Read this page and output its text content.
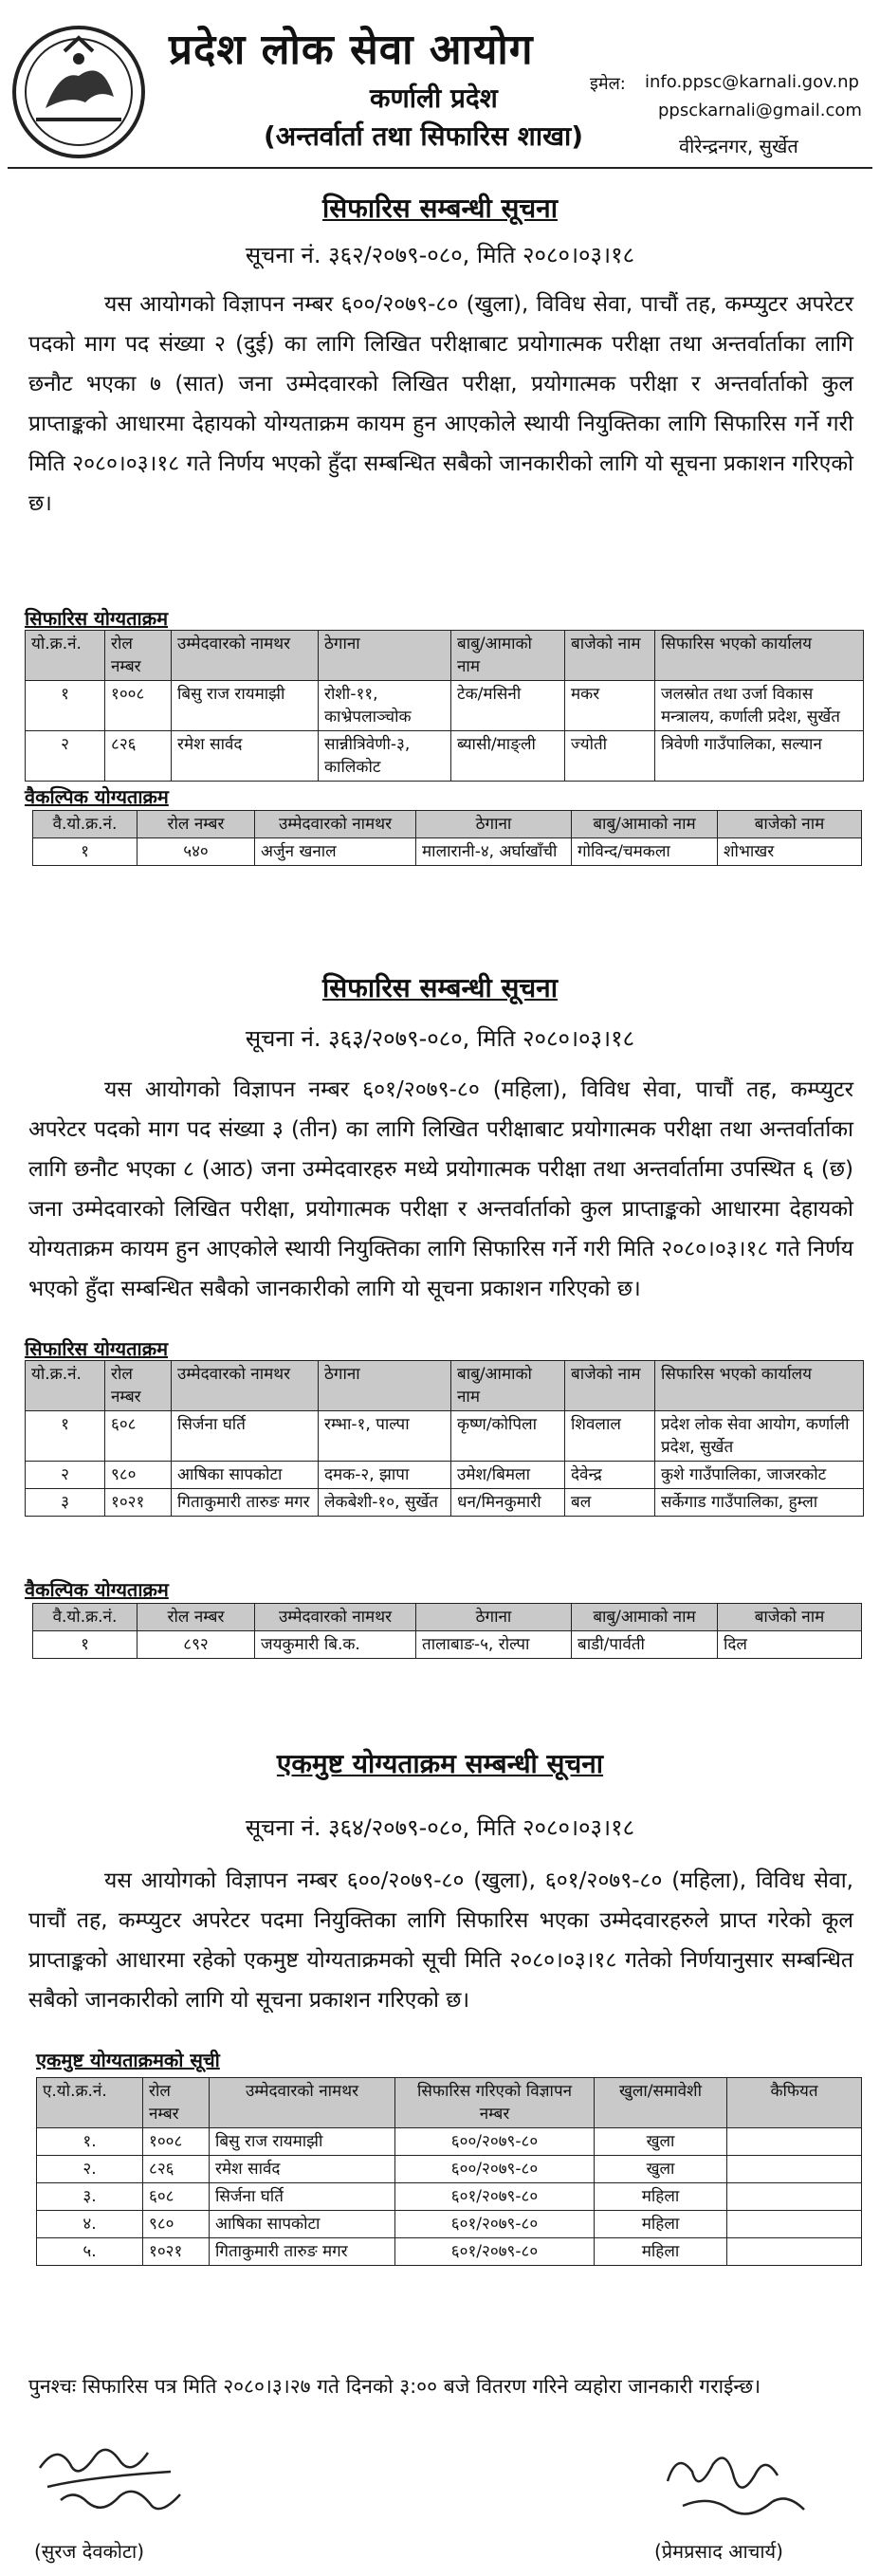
प्रदेश लोक सेवा आयोग
कर्णाली प्रदेश
(अन्तर्वार्ता तथा सिफारिस शाखा)
इमेल: info.ppsc@karnali.gov.np
ppsckarnali@gmail.com
वीरेन्द्रनगर, सुर्खेत
सिफारिस सम्बन्धी सूचना
सूचना नं. ३६२/२०७९-०८०, मिति २०८०।०३।१८
यस आयोगको विज्ञापन नम्बर ६००/२०७९-८० (खुला), विविध सेवा, पाचौं तह, कम्प्युटर अपरेटर पदको माग पद संख्या २ (दुई) का लागि लिखित परीक्षाबाट प्रयोगात्मक परीक्षा तथा अन्तर्वार्ताका लागि छनौट भएका ७ (सात) जना उम्मेदवारको लिखित परीक्षा, प्रयोगात्मक परीक्षा र अन्तर्वार्ताको कुल प्राप्ताङ्कको आधारमा देहायको योग्यताक्रम कायम हुन आएकोले स्थायी नियुक्तिका लागि सिफारिस गर्ने गरी मिति २०८०।०३।१८ गते निर्णय भएको हुँदा सम्बन्धित सबैको जानकारीको लागि यो सूचना प्रकाशन गरिएको छ।
सिफारिस योग्यताक्रम
यो.क्र.नं.	रोल नम्बर	उम्मेदवारको नामथर	ठेगाना	बाबु/आमाको नाम	बाजेको नाम	सिफारिस भएको कार्यालय
१	१००८	बिसु राज रायमाझी	रोशी-११, काभ्रेपलाञ्चोक	टेक/मसिनी	मकर	जलस्रोत तथा उर्जा विकास मन्त्रालय, कर्णाली प्रदेश, सुर्खेत
२	८२६	रमेश सार्वद	सान्नीत्रिवेणी-३, कालिकोट	ब्यासी/माङ्ली	ज्योती	त्रिवेणी गाउँपालिका, सल्यान
वैकल्पिक योग्यताक्रम
वै.यो.क्र.नं.	रोल नम्बर	उम्मेदवारको नामथर	ठेगाना	बाबु/आमाको नाम	बाजेको नाम
१	५४०	अर्जुन खनाल	मालारानी-४, अर्घाखाँची	गोविन्द/चमकला	शोभाखर
सिफारिस सम्बन्धी सूचना
सूचना नं. ३६३/२०७९-०८०, मिति २०८०।०३।१८
यस आयोगको विज्ञापन नम्बर ६०१/२०७९-८० (महिला), विविध सेवा, पाचौं तह, कम्प्युटर अपरेटर पदको माग पद संख्या ३ (तीन) का लागि लिखित परीक्षाबाट प्रयोगात्मक परीक्षा तथा अन्तर्वार्ताका लागि छनौट भएका ८ (आठ) जना उम्मेदवारहरु मध्ये प्रयोगात्मक परीक्षा तथा अन्तर्वार्तामा उपस्थित ६ (छ) जना उम्मेदवारको लिखित परीक्षा, प्रयोगात्मक परीक्षा र अन्तर्वार्ताको कुल प्राप्ताङ्कको आधारमा देहायको योग्यताक्रम कायम हुन आएकोले स्थायी नियुक्तिका लागि सिफारिस गर्ने गरी मिति २०८०।०३।१८ गते निर्णय भएको हुँदा सम्बन्धित सबैको जानकारीको लागि यो सूचना प्रकाशन गरिएको छ।
सिफारिस योग्यताक्रम
यो.क्र.नं.	रोल नम्बर	उम्मेदवारको नामथर	ठेगाना	बाबु/आमाको नाम	बाजेको नाम	सिफारिस भएको कार्यालय
१	६०८	सिर्जना घर्ति	रम्भा-१, पाल्पा	कृष्ण/कोपिला	शिवलाल	प्रदेश लोक सेवा आयोग, कर्णाली प्रदेश, सुर्खेत
२	९८०	आषिका सापकोटा	दमक-२, झापा	उमेश/बिमला	देवेन्द्र	कुशे गाउँपालिका, जाजरकोट
३	१०२१	गिताकुमारी तारुङ मगर	लेकबेशी-१०, सुर्खेत	धन/मिनकुमारी	बल	सर्केगाड गाउँपालिका, हुम्ला
वैकल्पिक योग्यताक्रम
वै.यो.क्र.नं.	रोल नम्बर	उम्मेदवारको नामथर	ठेगाना	बाबु/आमाको नाम	बाजेको नाम
१	८९२	जयकुमारी बि.क.	तालाबाङ-५, रोल्पा	बाडी/पार्वती	दिल
एकमुष्ट योग्यताक्रम सम्बन्धी सूचना
सूचना नं. ३६४/२०७९-०८०, मिति २०८०।०३।१८
यस आयोगको विज्ञापन नम्बर ६००/२०७९-८० (खुला), ६०१/२०७९-८० (महिला), विविध सेवा, पाचौं तह, कम्प्युटर अपरेटर पदमा नियुक्तिका लागि सिफारिस भएका उम्मेदवारहरुले प्राप्त गरेको कूल प्राप्ताङ्कको आधारमा रहेको एकमुष्ट योग्यताक्रमको सूची मिति २०८०।०३।१८ गतेको निर्णयानुसार सम्बन्धित सबैको जानकारीको लागि यो सूचना प्रकाशन गरिएको छ।
एकमुष्ट योग्यताक्रमको सूची
ए.यो.क्र.नं.	रोल नम्बर	उम्मेदवारको नामथर	सिफारिस गरिएको विज्ञापन नम्बर	खुला/समावेशी	कैफियत
१.	१००८	बिसु राज रायमाझी	६००/२०७९-८०	खुला	
२.	८२६	रमेश सार्वद	६००/२०७९-८०	खुला	
३.	६०८	सिर्जना घर्ति	६०१/२०७९-८०	महिला	
४.	९८०	आषिका सापकोटा	६०१/२०७९-८०	महिला	
५.	१०२१	गिताकुमारी तारुङ मगर	६०१/२०७९-८०	महिला	
पुनश्चः सिफारिस पत्र मिति २०८०।३।२७ गते दिनको ३:०० बजे वितरण गरिने व्यहोरा जानकारी गराईन्छ।
(सुरज देवकोटा)	(प्रेमप्रसाद आचार्य)
